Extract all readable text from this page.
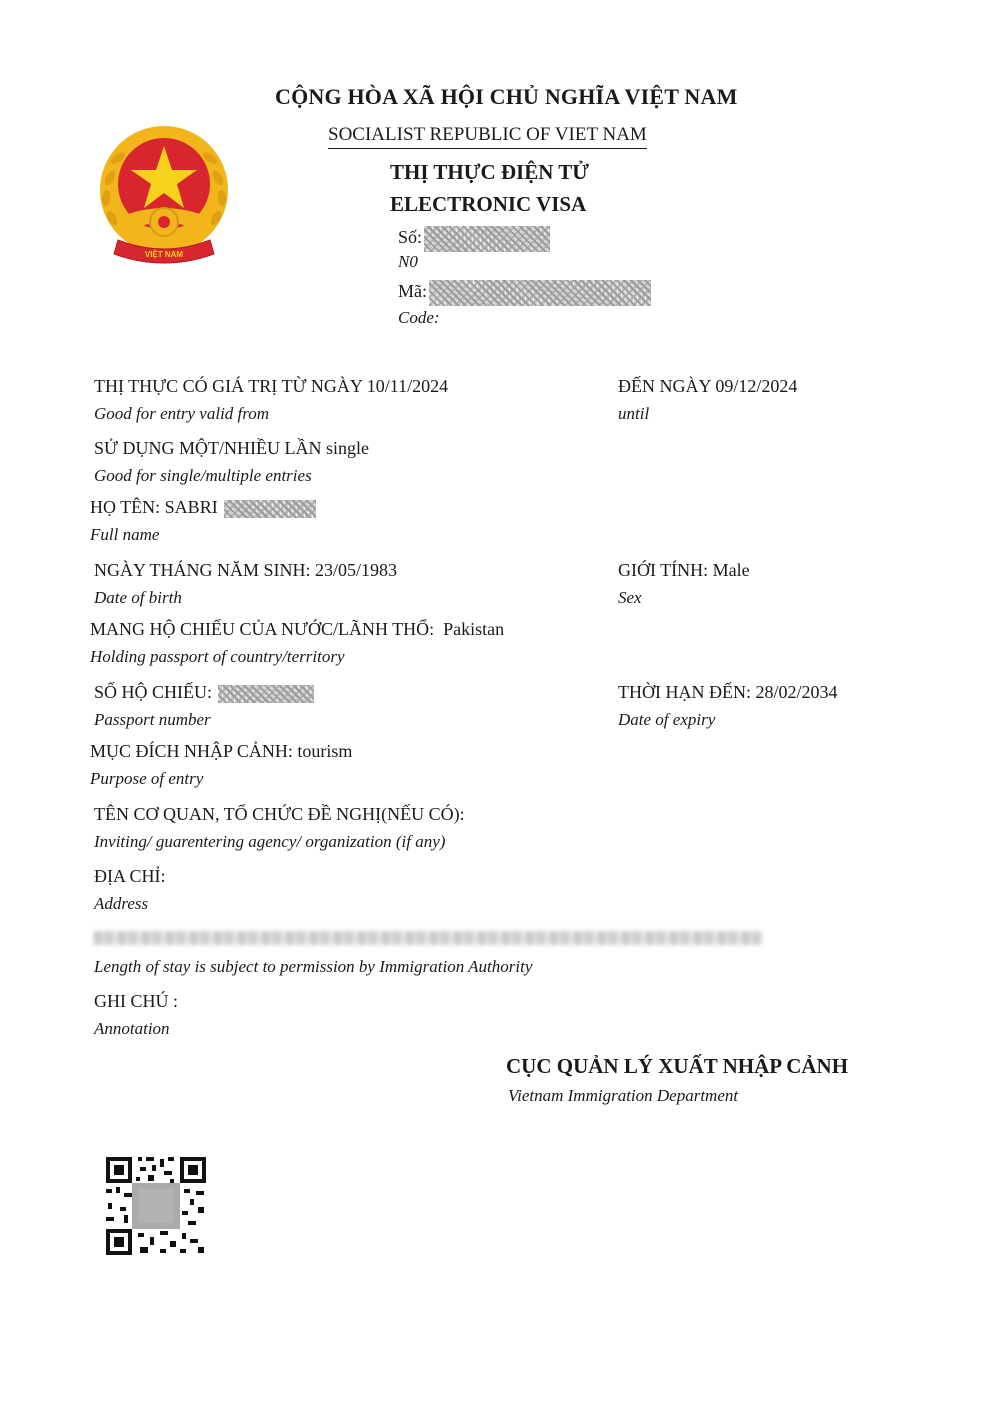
VIỆT NAM
CỘNG HÒA XÃ HỘI CHỦ NGHĨA VIỆT NAM
SOCIALIST REPUBLIC OF VIET NAM
THỊ THỰC ĐIỆN TỬ
ELECTRONIC VISA
Số:
N0
Mã:
Code:
THỊ THỰC CÓ GIÁ TRỊ TỪ NGÀY 10/11/2024
Good for entry valid from
ĐẾN NGÀY 09/12/2024
until
SỬ DỤNG MỘT/NHIỀU LẦN single
Good for single/multiple entries
HỌ TÊN: SABRI
Full name
NGÀY THÁNG NĂM SINH: 23/05/1983
Date of birth
GIỚI TÍNH: Male
Sex
MANG HỘ CHIẾU CỦA NƯỚC/LÃNH THỔ: Pakistan
Holding passport of country/territory
SỐ HỘ CHIẾU:
Passport number
THỜI HẠN ĐẾN: 28/02/2034
Date of expiry
MỤC ĐÍCH NHẬP CẢNH: tourism
Purpose of entry
TÊN CƠ QUAN, TỔ CHỨC ĐỀ NGHỊ(NẾU CÓ):
Inviting/ guarentering agency/ organization (if any)
ĐỊA CHỈ:
Address
Length of stay is subject to permission by Immigration Authority
GHI CHÚ :
Annotation
CỤC QUẢN LÝ XUẤT NHẬP CẢNH
Vietnam Immigration Department
